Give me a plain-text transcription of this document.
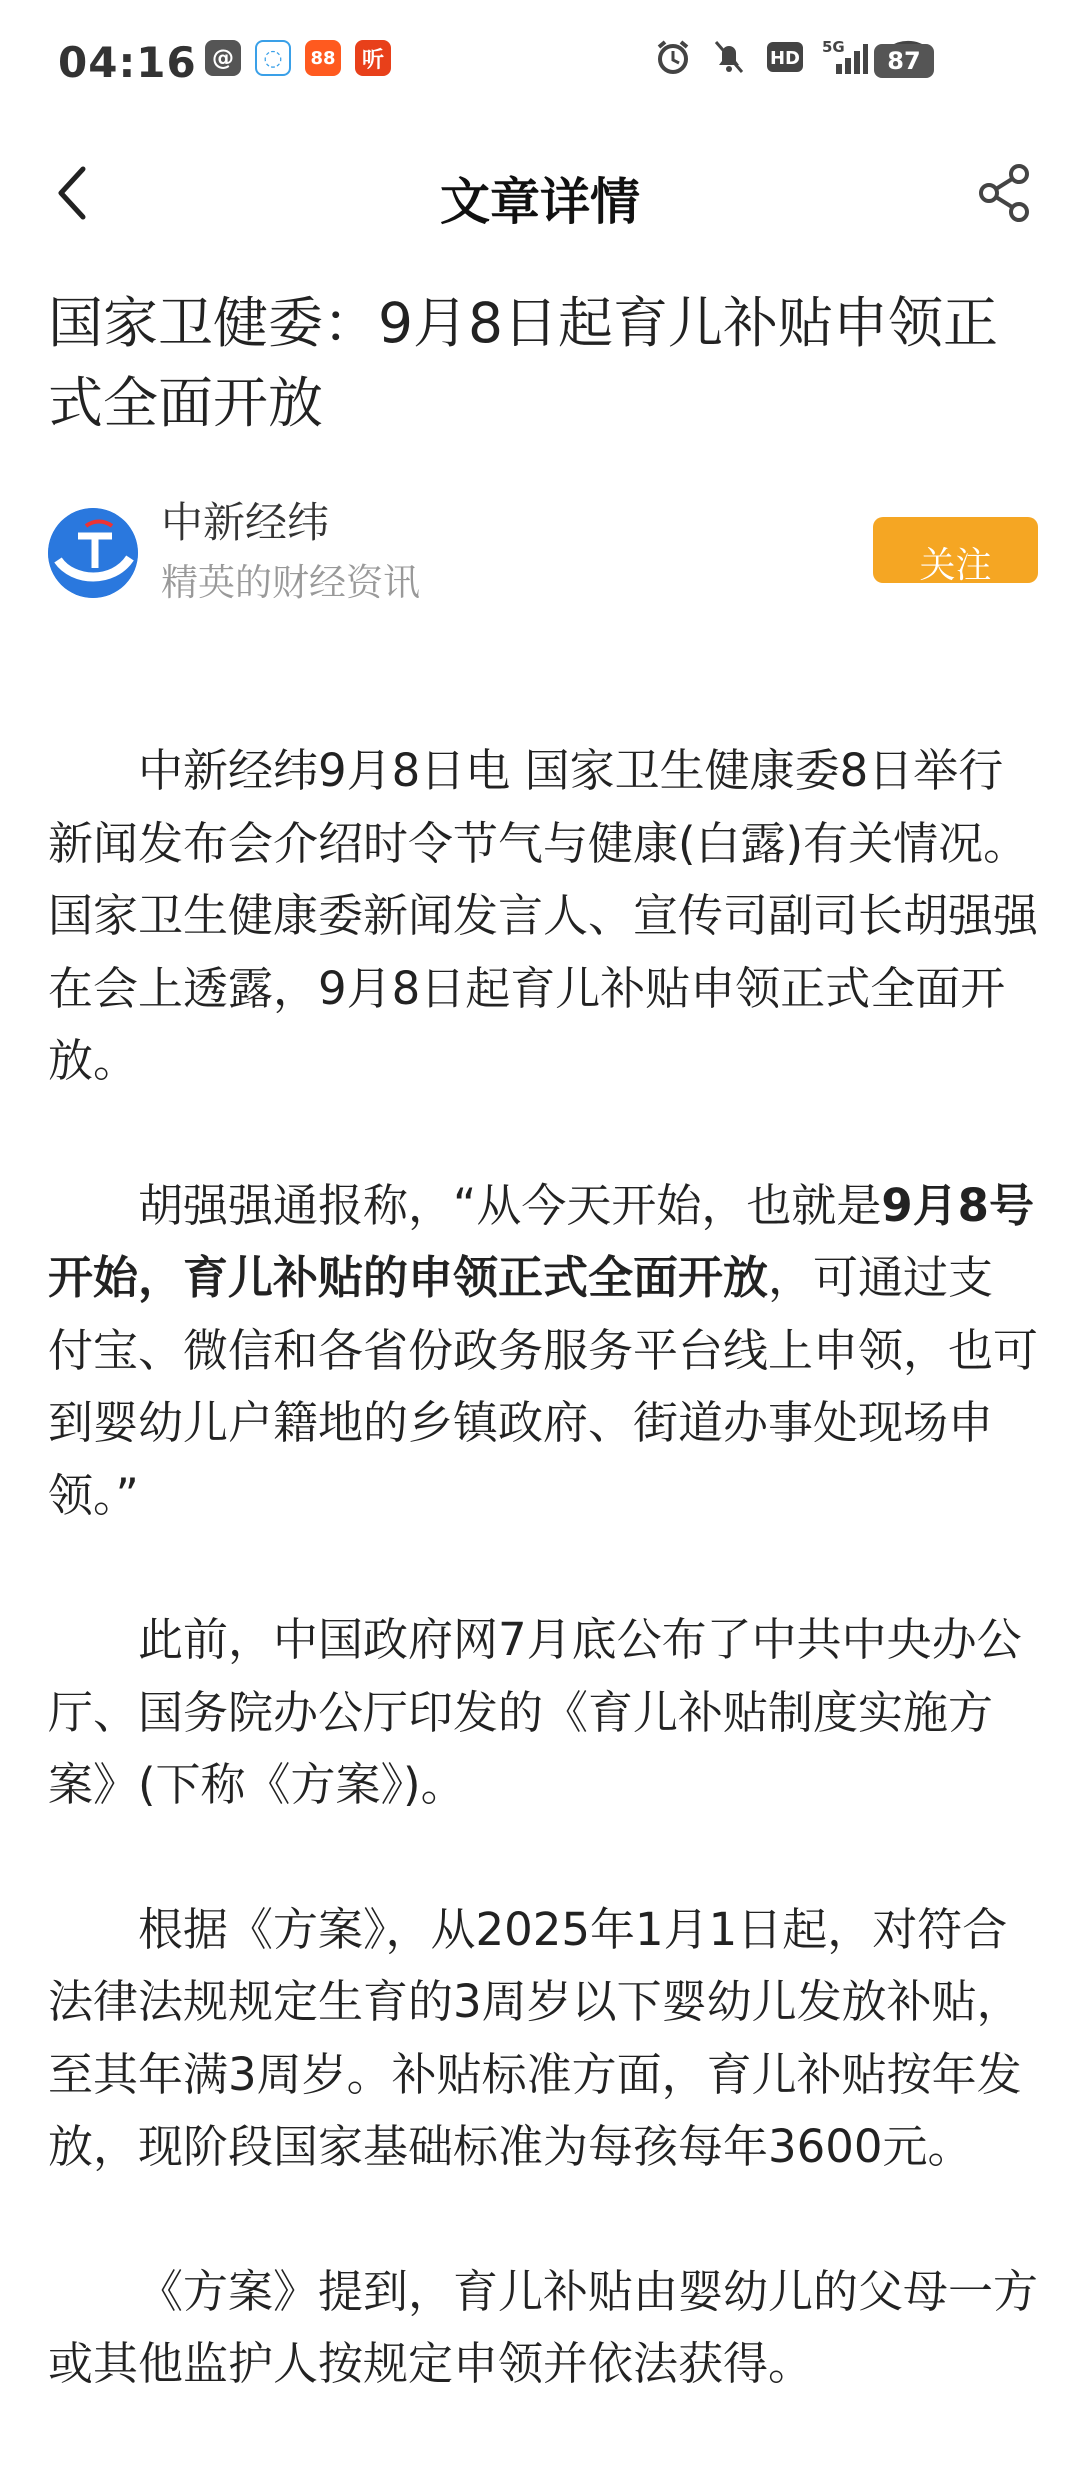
04:16 @	◌	88	听	HD
5G	87
文章详情
国家卫健委：9月8日起育儿补贴申领正式全面开放
中新经纬
精英的财经资讯	关注

中新经纬9月8日电 国家卫生健康委8日举行新闻发布会介绍时令节气与健康(白露)有关情况。国家卫生健康委新闻发言人、宣传司副司长胡强强在会上透露，9月8日起育儿补贴申领正式全面开放。

胡强强通报称，“从今天开始，也就是9月8号开始，育儿补贴的申领正式全面开放，可通过支付宝、微信和各省份政务服务平台线上申领，也可到婴幼儿户籍地的乡镇政府、街道办事处现场申领。”

此前，中国政府网7月底公布了中共中央办公厅、国务院办公厅印发的《育儿补贴制度实施方案》(下称《方案》)。

根据《方案》，从2025年1月1日起，对符合法律法规规定生育的3周岁以下婴幼儿发放补贴，至其年满3周岁。补贴标准方面，育儿补贴按年发放，现阶段国家基础标准为每孩每年3600元。

《方案》提到，育儿补贴由婴幼儿的父母一方或其他监护人按规定申领并依法获得。
